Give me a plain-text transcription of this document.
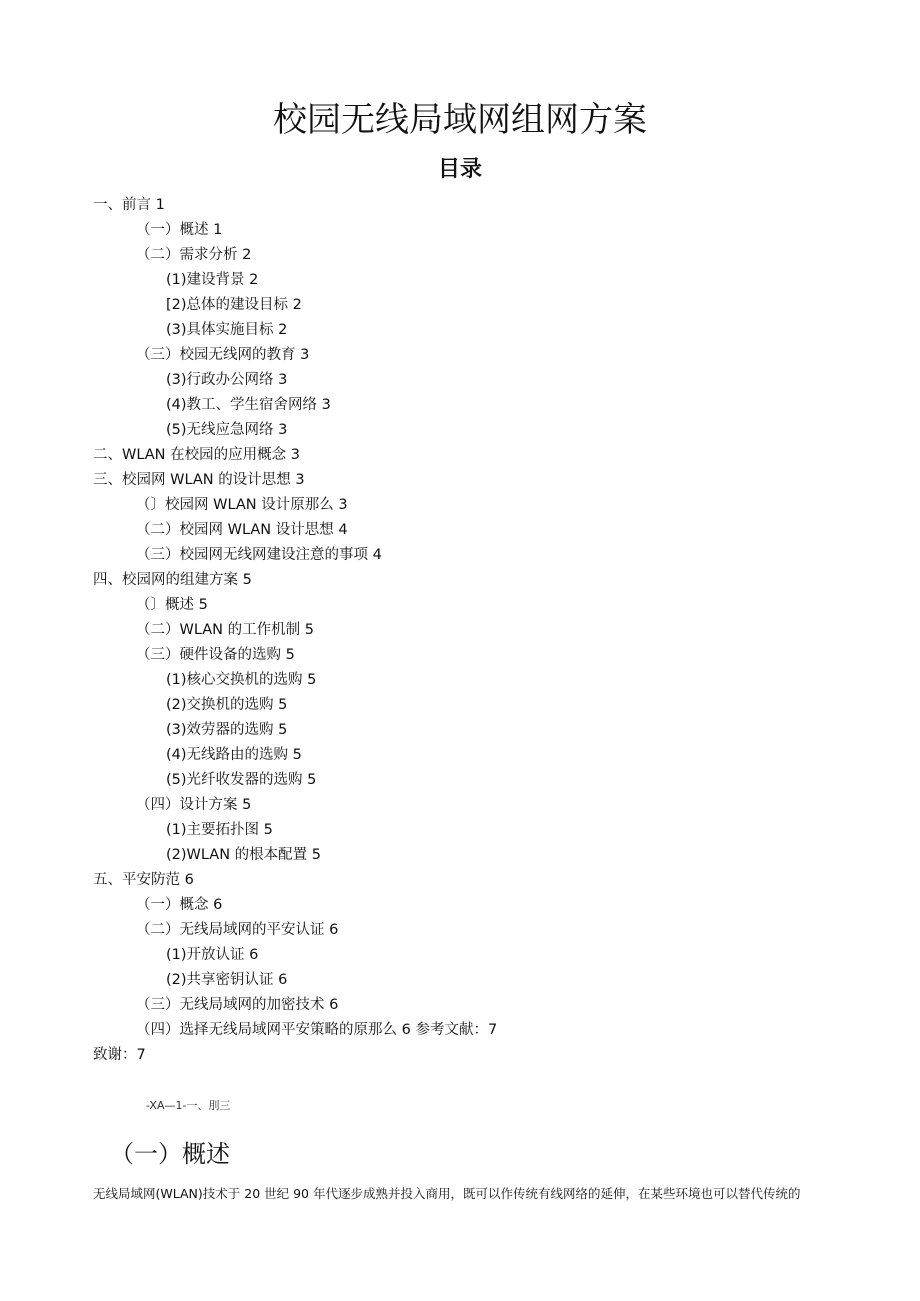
校园无线局域网组网方案
目录
一、前言 1
（一）概述 1
（二）需求分析 2
(1)建设背景 2
[2)总体的建设目标 2
(3)具体实施目标 2
（三）校园无线网的教育 3
(3)行政办公网络 3
(4)教工、学生宿舍网络 3
(5)无线应急网络 3
二、WLAN 在校园的应用概念 3
三、校园网 WLAN 的设计思想 3
（〕校园网 WLAN 设计原那么 3
（二）校园网 WLAN 设计思想 4
（三）校园网无线网建设注意的事项 4
四、校园网的组建方案 5
（〕概述 5
（二）WLAN 的工作机制 5
（三）硬件设备的选购 5
(1)核心交换机的选购 5
(2)交换机的选购 5
(3)效劳器的选购 5
(4)无线路由的选购 5
(5)光纤收发器的选购 5
（四）设计方案 5
(1)主要拓扑图 5
(2)WLAN 的根本配置 5
五、平安防范 6
（一）概念 6
（二）无线局域网的平安认证 6
(1)开放认证 6
(2)共享密钥认证 6
（三）无线局域网的加密技术 6
（四）选择无线局域网平安策略的原那么 6 参考文献：7
致谢：7

-XA—1-一、刖三

（一）概述

无线局域网(WLAN)技术于 20 世纪 90 年代逐步成熟并投入商用，既可以作传统有线网络的延伸，在某些环境也可以替代传统的
